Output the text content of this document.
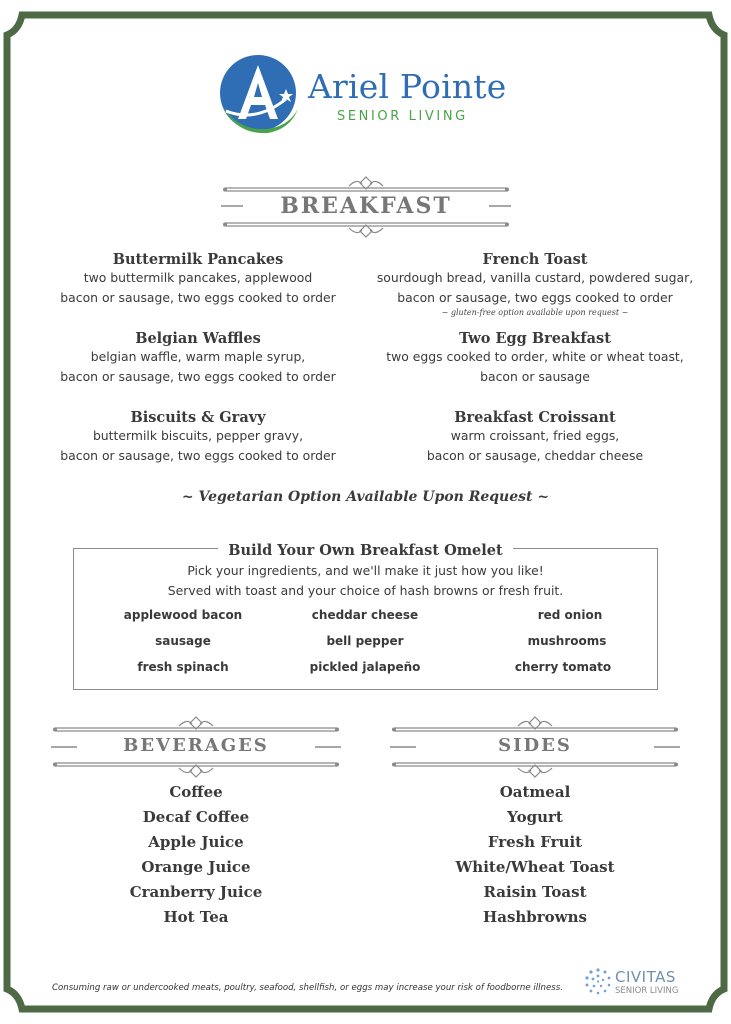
Ariel Pointe
SENIOR LIVING
BREAKFAST
Buttermilk Pancakes
two buttermilk pancakes, applewood
bacon or sausage, two eggs cooked to order
Belgian Waffles
belgian waffle, warm maple syrup,
bacon or sausage, two eggs cooked to order
Biscuits & Gravy
buttermilk biscuits, pepper gravy,
bacon or sausage, two eggs cooked to order
French Toast
sourdough bread, vanilla custard, powdered sugar,
bacon or sausage, two eggs cooked to order
~ gluten-free option available upon request ~
Two Egg Breakfast
two eggs cooked to order, white or wheat toast,
bacon or sausage
Breakfast Croissant
warm croissant, fried eggs,
bacon or sausage, cheddar cheese
~ Vegetarian Option Available Upon Request ~
Build Your Own Breakfast Omelet
Pick your ingredients, and we'll make it just how you like!
Served with toast and your choice of hash browns or fresh fruit.
applewood bacon	cheddar cheese	red onion
sausage	bell pepper	mushrooms
fresh spinach	pickled jalapeño	cherry tomato
BEVERAGES	SIDES
Coffee
Decaf Coffee
Apple Juice
Orange Juice
Cranberry Juice
Hot Tea
Oatmeal
Yogurt
Fresh Fruit
White/Wheat Toast
Raisin Toast
Hashbrowns
Consuming raw or undercooked meats, poultry, seafood, shellfish, or eggs may increase your risk of foodborne illness.
CIVITAS
SENIOR LIVING
